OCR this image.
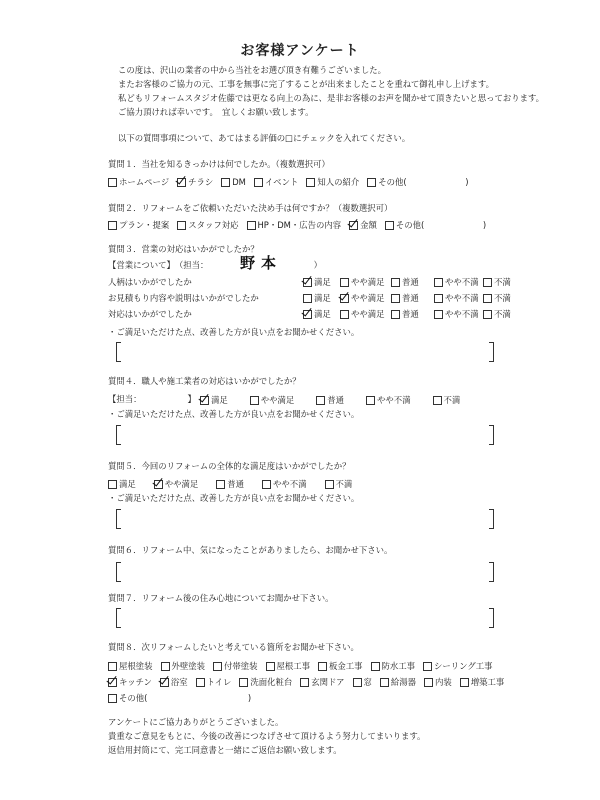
お客様アンケート
この度は、沢山の業者の中から当社をお選び頂き有難うございました。
またお客様のご協力の元、工事を無事に完了することが出来ましたことを重ねて御礼申し上げます。
私どもリフォームスタジオ佐藤では更なる向上の為に、是非お客様のお声を聞かせて頂きたいと思っております。
ご協力頂ければ幸いです。　宜しくお願い致します。
以下の質問事項について、あてはまる評価の□にチェックを入れてください。
質問１．当社を知るきっかけは何でしたか。（複数選択可）
ホームページ チラシ DM イベント 知人の紹介 その他(　　　　　　　)
質問２．リフォームをご依頼いただいた決め手は何ですか？（複数選択可）
プラン・提案 スタッフ対応 HP・DM・広告の内容 金額 その他(　　　　　　　)
質問３．営業の対応はいかがでしたか？
【営業について】　（担当：	）
野本
人柄はいかがでしたか	満足 やや満足 普通	やや不満 不満
お見積もり内容や説明はいかがでしたか	満足 やや満足 普通	やや不満 不満
対応はいかがでしたか	満足 やや満足 普通	やや不満 不満
・ご満足いただけた点、改善した方が良い点をお聞かせください。
質問４．職人や施工業者の対応はいかがでしたか？
【担当：　　　　　　】 満足	やや満足	普通	やや不満	不満
・ご満足いただけた点、改善した方が良い点をお聞かせください。
質問５．今回のリフォームの全体的な満足度はいかがでしたか？
満足	やや満足	普通	やや不満	不満
・ご満足いただけた点、改善した方が良い点をお聞かせください。
質問６．リフォーム中、気になったことがありましたら、お聞かせ下さい。
質問７．リフォーム後の住み心地についてお聞かせ下さい。
質問８．次リフォームしたいと考えている箇所をお聞かせ下さい。
屋根塗装 外壁塗装 付帯塗装 屋根工事 板金工事 防水工事 シーリング工事
キッチン 浴室 トイレ 洗面化粧台 玄関ドア 窓 給湯器 内装 増築工事
その他(　　　　　　　　　　　　)
アンケートにご協力ありがとうございました。
貴重なご意見をもとに、今後の改善につなげさせて頂けるよう努力してまいります。
返信用封筒にて、完工同意書と一緒にご返信お願い致します。
